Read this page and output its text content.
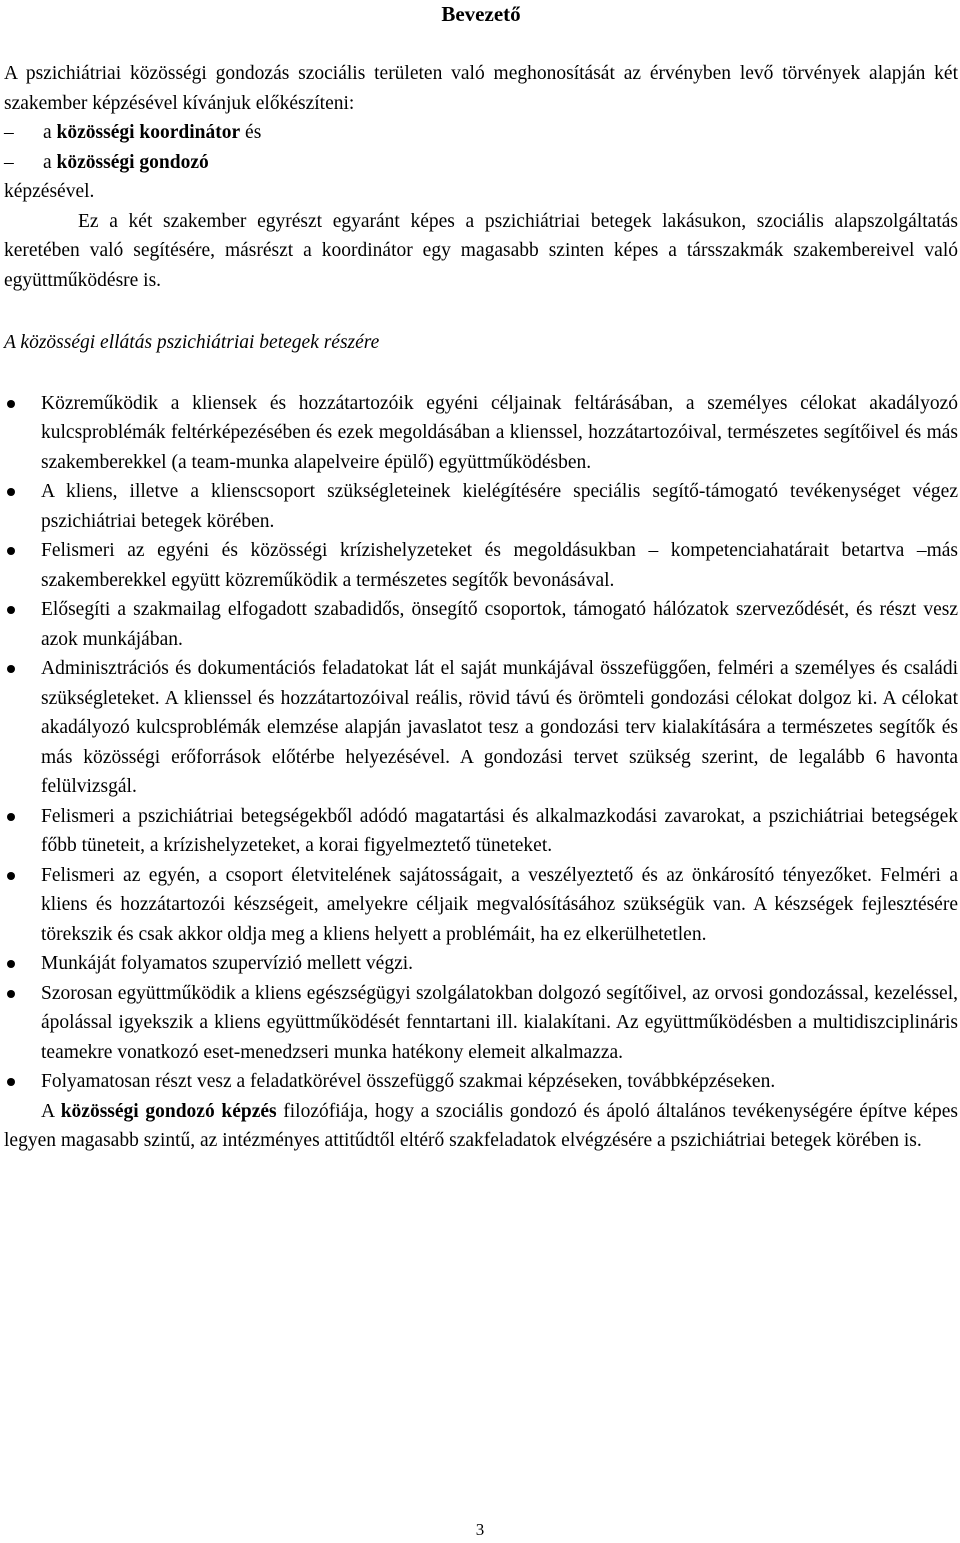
Bevezető

A pszichiátriai közösségi gondozás szociális területen való meghonosítását az érvényben levő törvények alapján két szakember képzésével kívánjuk előkészíteni:

–	a közösségi koordinátor és
–	a közösségi gondozó

képzésével.

Ez a két szakember egyrészt egyaránt képes a pszichiátriai betegek lakásukon, szociális alapszolgáltatás keretében való segítésére, másrészt a koordinátor egy magasabb szinten képes a társszakmák szakembereivel való együttműködésre is.

A közösségi ellátás pszichiátriai betegek részére

Közreműködik a kliensek és hozzátartozóik egyéni céljainak feltárásában, a személyes célokat akadályozó kulcsproblémák feltérképezésében és ezek megoldásában a klienssel, hozzátartozóival, természetes segítőivel és más szakemberekkel (a team-munka alapelveire épülő) együttműködésben.
A kliens, illetve a klienscsoport szükségleteinek kielégítésére speciális segítő-támogató tevékenységet végez pszichiátriai betegek körében.
Felismeri az egyéni és közösségi krízishelyzeteket és megoldásukban – kompetenciahatárait betartva –más szakemberekkel együtt közreműködik a természetes segítők bevonásával.
Elősegíti a szakmailag elfogadott szabadidős, önsegítő csoportok, támogató hálózatok szerveződését, és részt vesz azok munkájában.
Adminisztrációs és dokumentációs feladatokat lát el saját munkájával összefüggően, felméri a személyes és családi szükségleteket. A klienssel és hozzátartozóival reális, rövid távú és örömteli gondozási célokat dolgoz ki. A célokat akadályozó kulcsproblémák elemzése alapján javaslatot tesz a gondozási terv kialakítására a természetes segítők és más közösségi erőforrások előtérbe helyezésével. A gondozási tervet szükség szerint, de legalább 6 havonta felülvizsgál.
Felismeri a pszichiátriai betegségekből adódó magatartási és alkalmazkodási zavarokat, a pszichiátriai betegségek főbb tüneteit, a krízishelyzeteket, a korai figyelmeztető tüneteket.
Felismeri az egyén, a csoport életvitelének sajátosságait, a veszélyeztető és az önkárosító tényezőket. Felméri a kliens és hozzátartozói készségeit, amelyekre céljaik megvalósításához szükségük van. A készségek fejlesztésére törekszik és csak akkor oldja meg a kliens helyett a problémáit, ha ez elkerülhetetlen.
Munkáját folyamatos szupervízió mellett végzi.
Szorosan együttműködik a kliens egészségügyi szolgálatokban dolgozó segítőivel, az orvosi gondozással, kezeléssel, ápolással igyekszik a kliens együttműködését fenntartani ill. kialakítani. Az együttműködésben a multidiszciplináris teamekre vonatkozó eset-menedzseri munka hatékony elemeit alkalmazza.
Folyamatosan részt vesz a feladatkörével összefüggő szakmai képzéseken, továbbképzéseken.

A közösségi gondozó képzés filozófiája, hogy a szociális gondozó és ápoló általános tevékenységére építve képes legyen magasabb szintű, az intézményes attitűdtől eltérő szakfeladatok elvégzésére a pszichiátriai betegek körében is.

3
